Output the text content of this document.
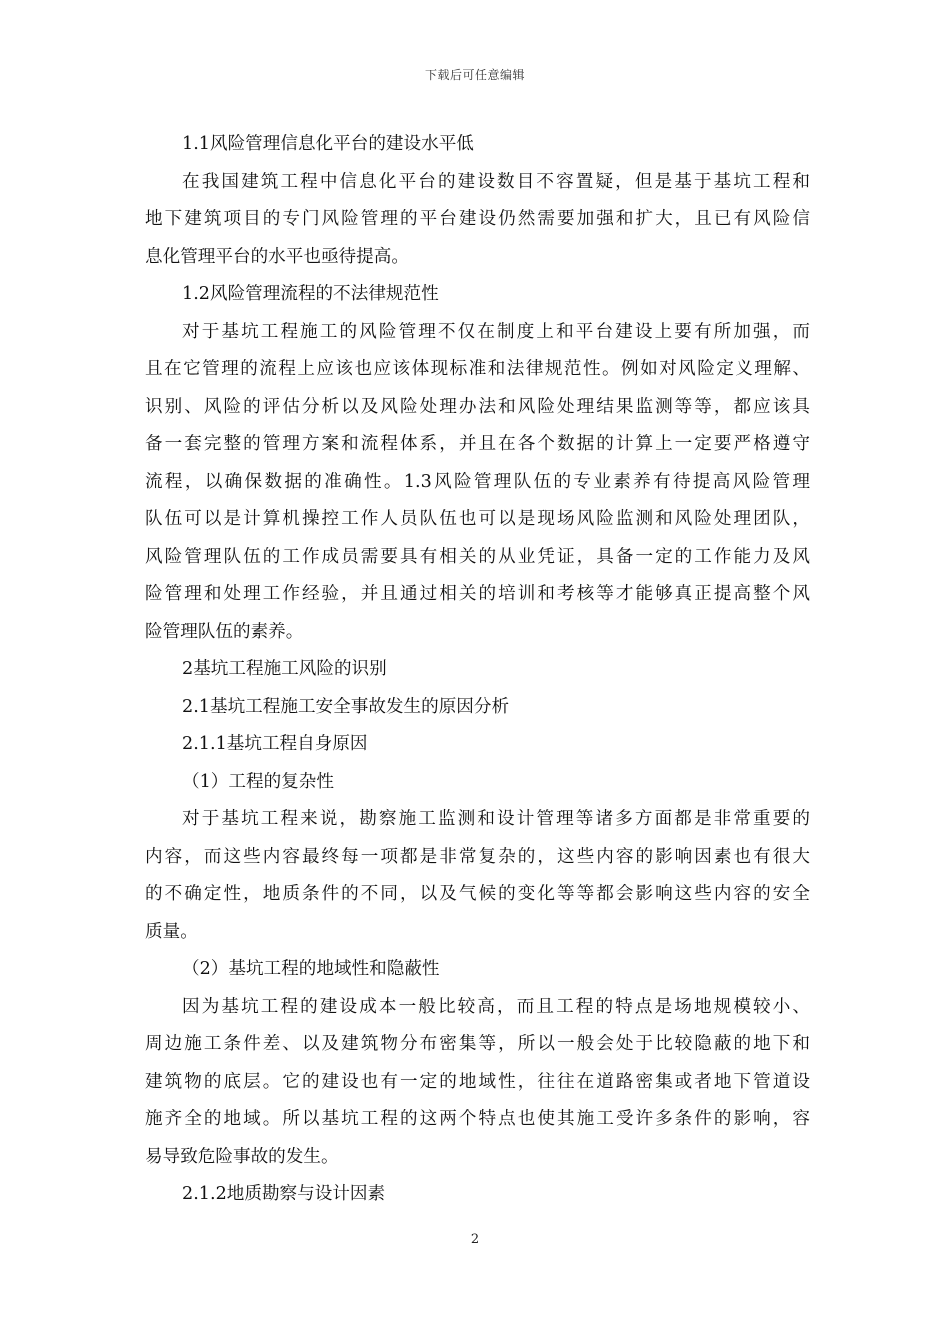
下载后可任意编辑
1.1风险管理信息化平台的建设水平低
在我国建筑工程中信息化平台的建设数目不容置疑，但是基于基坑工程和
地下建筑项目的专门风险管理的平台建设仍然需要加强和扩大，且已有风险信
息化管理平台的水平也亟待提高。
1.2风险管理流程的不法律规范性
对于基坑工程施工的风险管理不仅在制度上和平台建设上要有所加强，而
且在它管理的流程上应该也应该体现标准和法律规范性。例如对风险定义理解、
识别、风险的评估分析以及风险处理办法和风险处理结果监测等等，都应该具
备一套完整的管理方案和流程体系，并且在各个数据的计算上一定要严格遵守
流程，以确保数据的准确性。1.3风险管理队伍的专业素养有待提高风险管理
队伍可以是计算机操控工作人员队伍也可以是现场风险监测和风险处理团队，
风险管理队伍的工作成员需要具有相关的从业凭证，具备一定的工作能力及风
险管理和处理工作经验，并且通过相关的培训和考核等才能够真正提高整个风
险管理队伍的素养。
2基坑工程施工风险的识别
2.1基坑工程施工安全事故发生的原因分析
2.1.1基坑工程自身原因
（1）工程的复杂性
对于基坑工程来说，勘察施工监测和设计管理等诸多方面都是非常重要的
内容，而这些内容最终每一项都是非常复杂的，这些内容的影响因素也有很大
的不确定性，地质条件的不同，以及气候的变化等等都会影响这些内容的安全
质量。
（2）基坑工程的地域性和隐蔽性
因为基坑工程的建设成本一般比较高，而且工程的特点是场地规模较小、
周边施工条件差、以及建筑物分布密集等，所以一般会处于比较隐蔽的地下和
建筑物的底层。它的建设也有一定的地域性，往往在道路密集或者地下管道设
施齐全的地域。所以基坑工程的这两个特点也使其施工受许多条件的影响，容
易导致危险事故的发生。
2.1.2地质勘察与设计因素
2
